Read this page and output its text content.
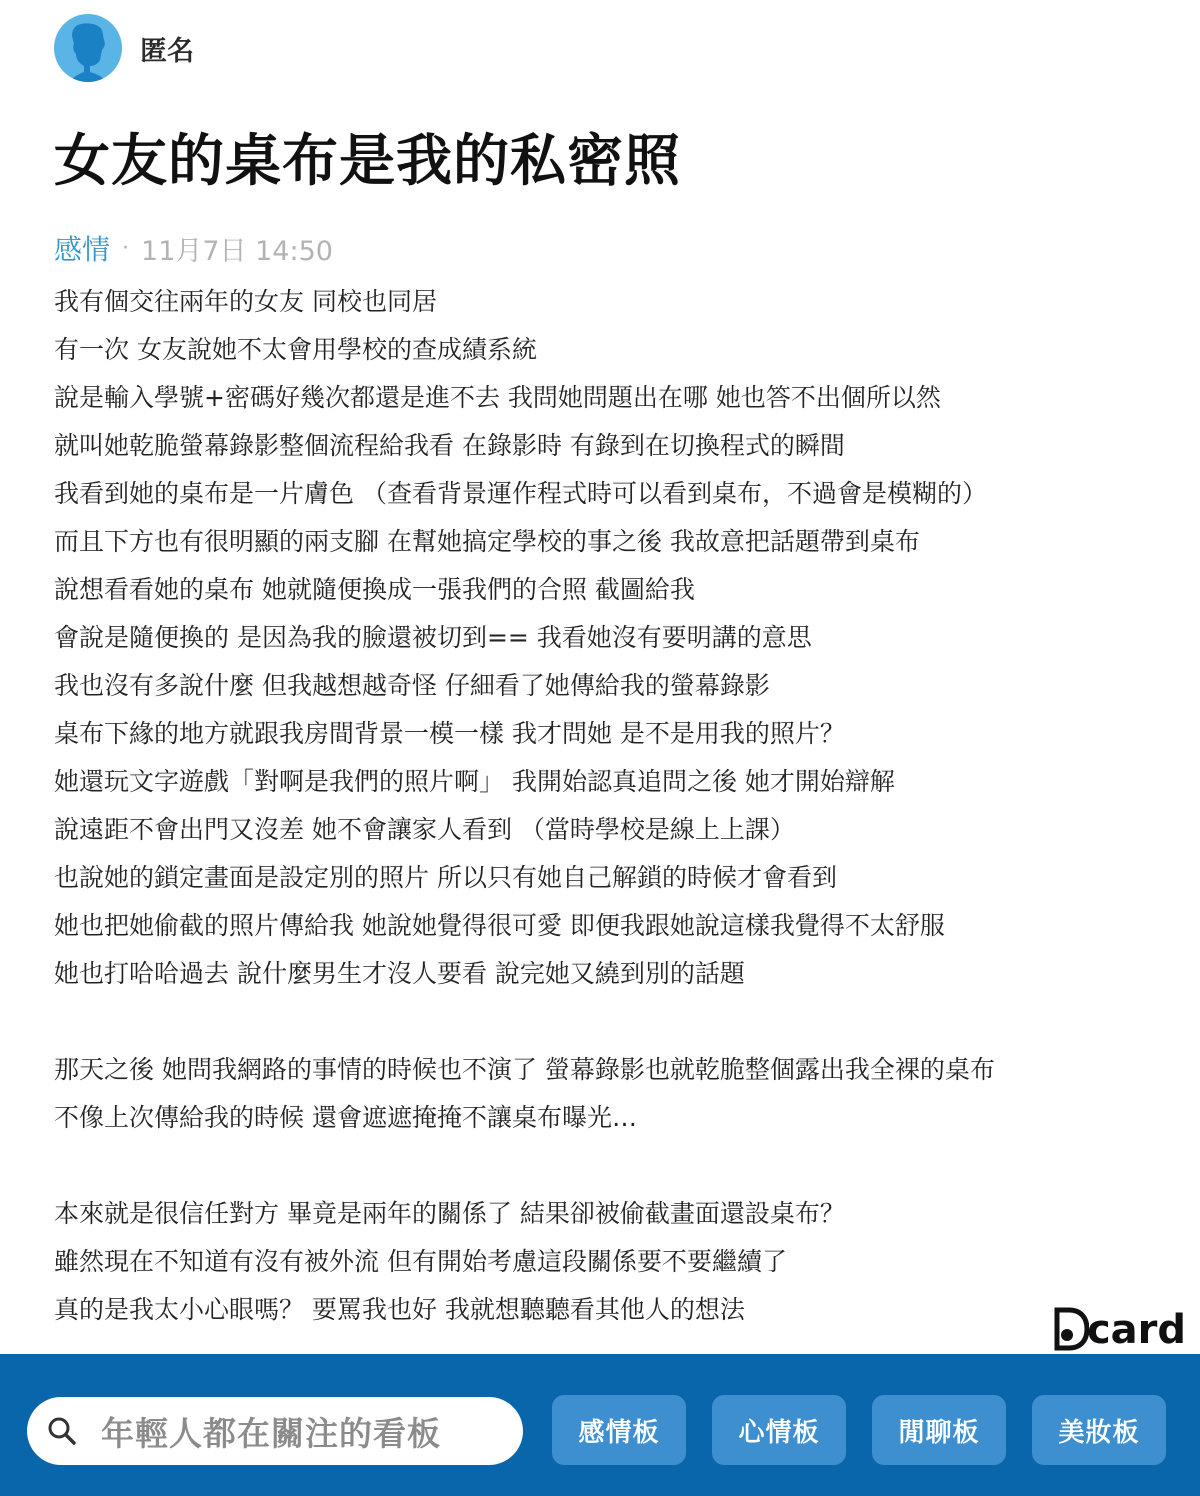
匿名
女友的桌布是我的私密照
感情 · 11月7日 14:50
我有個交往兩年的女友 同校也同居
有一次 女友說她不太會用學校的查成績系統
說是輸入學號+密碼好幾次都還是進不去 我問她問題出在哪 她也答不出個所以然
就叫她乾脆螢幕錄影整個流程給我看 在錄影時 有錄到在切換程式的瞬間
我看到她的桌布是一片膚色 （查看背景運作程式時可以看到桌布，不過會是模糊的）
而且下方也有很明顯的兩支腳 在幫她搞定學校的事之後 我故意把話題帶到桌布
說想看看她的桌布 她就隨便換成一張我們的合照 截圖給我
會說是隨便換的 是因為我的臉還被切到== 我看她沒有要明講的意思
我也沒有多說什麼 但我越想越奇怪 仔細看了她傳給我的螢幕錄影
桌布下緣的地方就跟我房間背景一模一樣 我才問她 是不是用我的照片？
她還玩文字遊戲「對啊是我們的照片啊」 我開始認真追問之後 她才開始辯解
說遠距不會出門又沒差 她不會讓家人看到 （當時學校是線上上課）
也說她的鎖定畫面是設定別的照片 所以只有她自己解鎖的時候才會看到
她也把她偷截的照片傳給我 她說她覺得很可愛 即便我跟她說這樣我覺得不太舒服
她也打哈哈過去 說什麼男生才沒人要看 說完她又繞到別的話題
那天之後 她問我網路的事情的時候也不演了 螢幕錄影也就乾脆整個露出我全裸的桌布
不像上次傳給我的時候 還會遮遮掩掩不讓桌布曝光…
本來就是很信任對方 畢竟是兩年的關係了 結果卻被偷截畫面還設桌布？
雖然現在不知道有沒有被外流 但有開始考慮這段關係要不要繼續了
真的是我太小心眼嗎？ 要罵我也好 我就想聽聽看其他人的想法	card
年輕人都在關注的看板	感情板	心情板	閒聊板	美妝板
